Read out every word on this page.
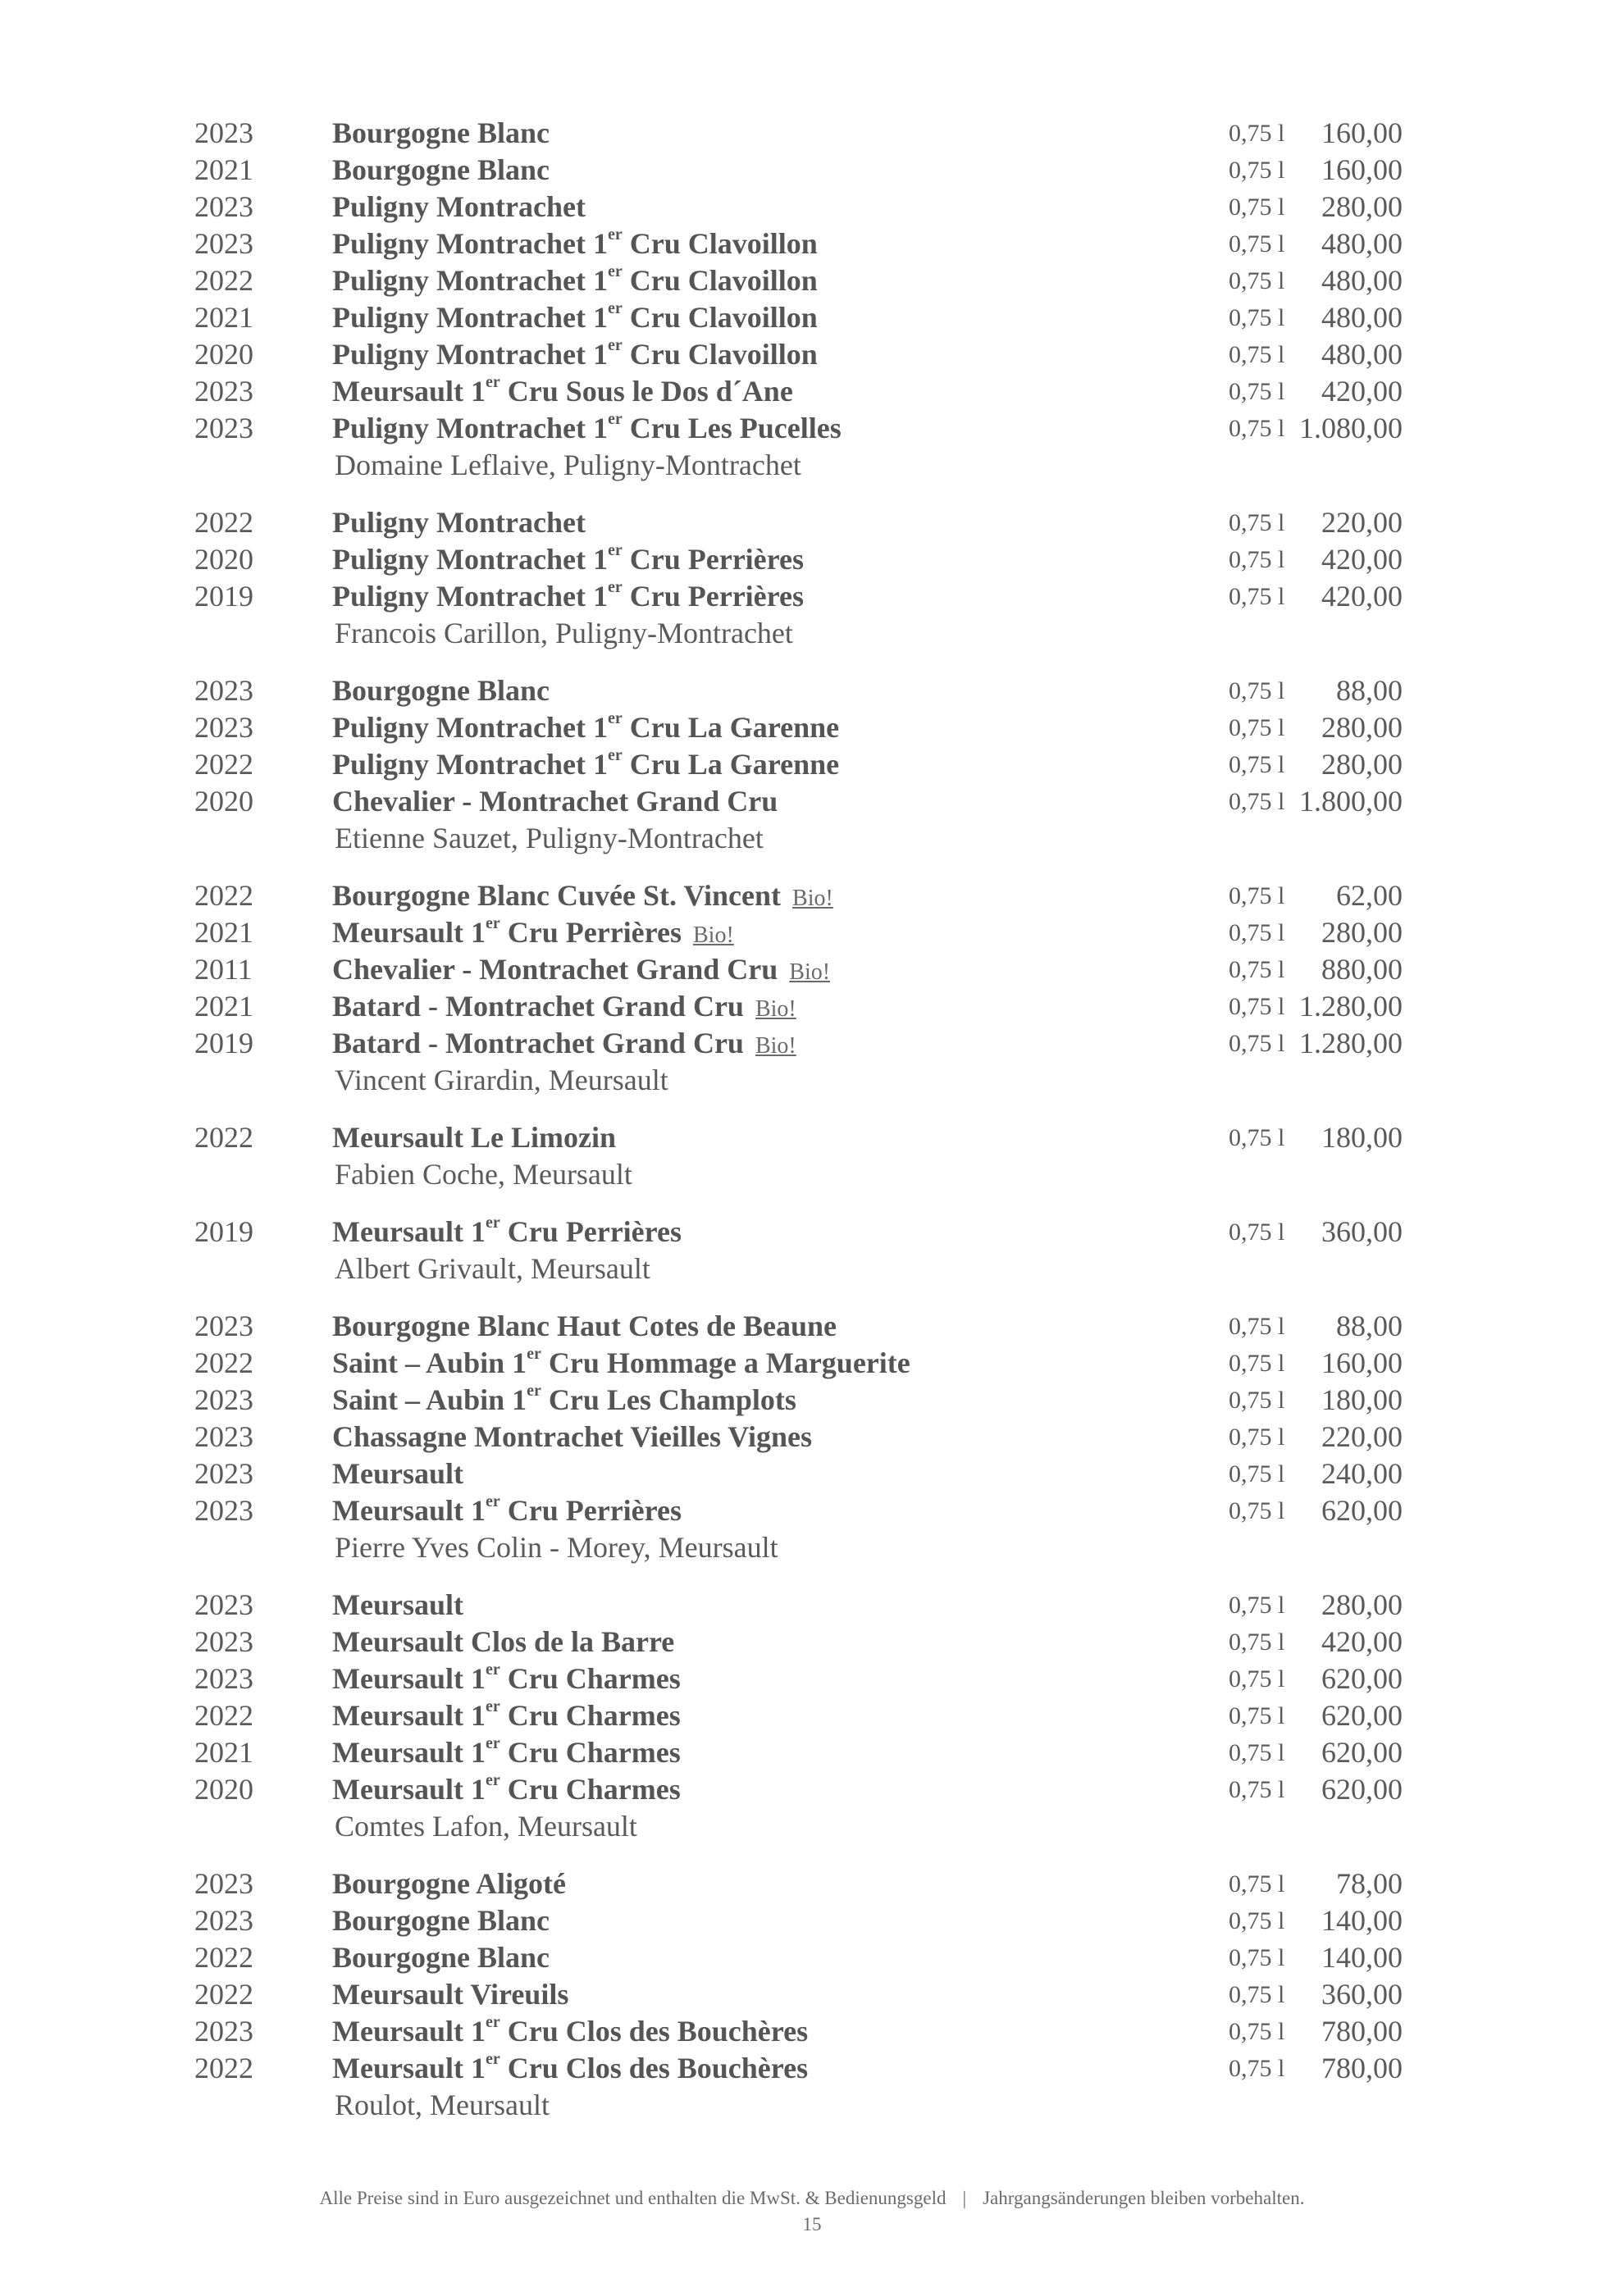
2023	Bourgogne Blanc	0,75 l 160,00
2021	Bourgogne Blanc	0,75 l 160,00
2023	Puligny Montrachet	0,75 l 280,00
2023	Puligny Montrachet 1er Cru Clavoillon	0,75 l 480,00
2022	Puligny Montrachet 1er Cru Clavoillon	0,75 l 480,00
2021	Puligny Montrachet 1er Cru Clavoillon	0,75 l 480,00
2020	Puligny Montrachet 1er Cru Clavoillon	0,75 l 480,00
2023	Meursault 1er Cru Sous le Dos d´Ane	0,75 l 420,00
2023	Puligny Montrachet 1er Cru Les Pucelles	0,75 l 1.080,00
Domaine Leflaive, Puligny-Montrachet
2022	Puligny Montrachet	0,75 l 220,00
2020	Puligny Montrachet 1er Cru Perrières	0,75 l 420,00
2019	Puligny Montrachet 1er Cru Perrières	0,75 l 420,00
Francois Carillon, Puligny-Montrachet
2023	Bourgogne Blanc	0,75 l 88,00
2023	Puligny Montrachet 1er Cru La Garenne	0,75 l 280,00
2022	Puligny Montrachet 1er Cru La Garenne	0,75 l 280,00
2020	Chevalier - Montrachet Grand Cru	0,75 l 1.800,00
Etienne Sauzet, Puligny-Montrachet
2022	Bourgogne Blanc Cuvée St. Vincent Bio!	0,75 l 62,00
2021	Meursault 1er Cru Perrières Bio!	0,75 l 280,00
2011	Chevalier - Montrachet Grand Cru Bio!	0,75 l 880,00
2021	Batard - Montrachet Grand Cru Bio!	0,75 l 1.280,00
2019	Batard - Montrachet Grand Cru Bio!	0,75 l 1.280,00
Vincent Girardin, Meursault
2022	Meursault Le Limozin	0,75 l 180,00
Fabien Coche, Meursault
2019	Meursault 1er Cru Perrières	0,75 l 360,00
Albert Grivault, Meursault
2023	Bourgogne Blanc Haut Cotes de Beaune	0,75 l 88,00
2022	Saint – Aubin 1er Cru Hommage a Marguerite	0,75 l 160,00
2023	Saint – Aubin 1er Cru Les Champlots	0,75 l 180,00
2023	Chassagne Montrachet Vieilles Vignes	0,75 l 220,00
2023	Meursault	0,75 l 240,00
2023	Meursault 1er Cru Perrières	0,75 l 620,00
Pierre Yves Colin - Morey, Meursault
2023	Meursault	0,75 l 280,00
2023	Meursault Clos de la Barre	0,75 l 420,00
2023	Meursault 1er Cru Charmes	0,75 l 620,00
2022	Meursault 1er Cru Charmes	0,75 l 620,00
2021	Meursault 1er Cru Charmes	0,75 l 620,00
2020	Meursault 1er Cru Charmes	0,75 l 620,00
Comtes Lafon, Meursault
2023	Bourgogne Aligoté	0,75 l 78,00
2023	Bourgogne Blanc	0,75 l 140,00
2022	Bourgogne Blanc	0,75 l 140,00
2022	Meursault Vireuils	0,75 l 360,00
2023	Meursault 1er Cru Clos des Bouchères	0,75 l 780,00
2022	Meursault 1er Cru Clos des Bouchères	0,75 l 780,00
Roulot, Meursault
Alle Preise sind in Euro ausgezeichnet und enthalten die MwSt. & Bedienungsgeld | Jahrgangsänderungen bleiben vorbehalten.
15
